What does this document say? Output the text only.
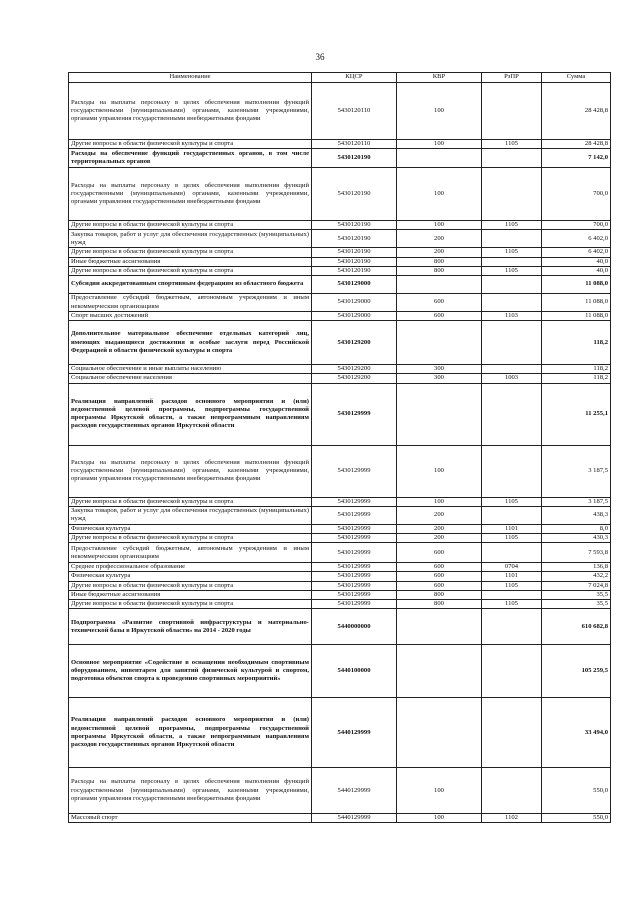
36
Наименование	КЦСР	КВР	РзПР	Сумма
Расходы на выплаты персоналу в целях обеспечения выполнения функций государственными (муниципальными) органами, казенными учреждениями, органами управления государственными внебюджетными фондами	5430120110	100		28 428,8
Другие вопросы в области физической культуры и спорта	5430120110	100	1105	28 428,8
Расходы на обеспечение функций государственных органов, в том числе территориальных органов	5430120190			7 142,0
Расходы на выплаты персоналу в целях обеспечения выполнения функций государственными (муниципальными) органами, казенными учреждениями, органами управления государственными внебюджетными фондами	5430120190	100		700,0
Другие вопросы в области физической культуры и спорта	5430120190	100	1105	700,0
Закупка товаров, работ и услуг для обеспечения государственных (муниципальных) нужд	5430120190	200		6 402,0
Другие вопросы в области физической культуры и спорта	5430120190	200	1105	6 402,0
Иные бюджетные ассигнования	5430120190	800		40,0
Другие вопросы в области физической культуры и спорта	5430120190	800	1105	40,0
Субсидии аккредитованным спортивным федерациям из областного бюджета	5430129000			11 088,0
Предоставление субсидий бюджетным, автономным учреждениям и иным некоммерческим организациям	5430129000	600		11 088,0
Спорт высших достижений	5430129000	600	1103	11 088,0
Дополнительное материальное обеспечение отдельных категорий лиц, имеющих выдающиеся достижения и особые заслуги перед Российской Федерацией в области физической культуры и спорта	5430129200			118,2
Социальное обеспечение и иные выплаты населению	5430129200	300		118,2
Социальное обеспечение населения	5430129200	300	1003	118,2
Реализация направлений расходов основного мероприятия и (или) ведомственной целевой программы, подпрограммы государственной программы Иркутской области, а также непрограммным направлениям расходов государственных органов Иркутской области	5430129999			11 255,1
Расходы на выплаты персоналу в целях обеспечения выполнения функций государственными (муниципальными) органами, казенными учреждениями, органами управления государственными внебюджетными фондами	5430129999	100		3 187,5
Другие вопросы в области физической культуры и спорта	5430129999	100	1105	3 187,5
Закупка товаров, работ и услуг для обеспечения государственных (муниципальных) нужд	5430129999	200		438,3
Физическая культура	5430129999	200	1101	8,0
Другие вопросы в области физической культуры и спорта	5430129999	200	1105	430,3
Предоставление субсидий бюджетным, автономным учреждениям и иным некоммерческим организациям	5430129999	600		7 593,8
Среднее профессиональное образование	5430129999	600	0704	136,8
Физическая культура	5430129999	600	1101	432,2
Другие вопросы в области физической культуры и спорта	5430129999	600	1105	7 024,8
Иные бюджетные ассигнования	5430129999	800		35,5
Другие вопросы в области физической культуры и спорта	5430129999	800	1105	35,5
Подпрограмма «Развитие спортивной инфраструктуры и материально- технической базы в Иркутской области» на 2014 - 2020 годы	5440000000			610 682,8
Основное мероприятие «Содействие в оснащении необходимым спортивным оборудованием, инвентарем для занятий физической культурой и спортом, подготовка объектов спорта к проведению спортивных мероприятий»	5440100000			105 259,5
Реализация направлений расходов основного мероприятия и (или) ведомственной целевой программы, подпрограммы государственной программы Иркутской области, а также непрограммным направлениям расходов государственных органов Иркутской области	5440129999			33 494,0
Расходы на выплаты персоналу в целях обеспечения выполнения функций государственными (муниципальными) органами, казенными учреждениями, органами управления государственными внебюджетными фондами	5440129999	100		550,0
Массовый спорт	5440129999	100	1102	550,0
